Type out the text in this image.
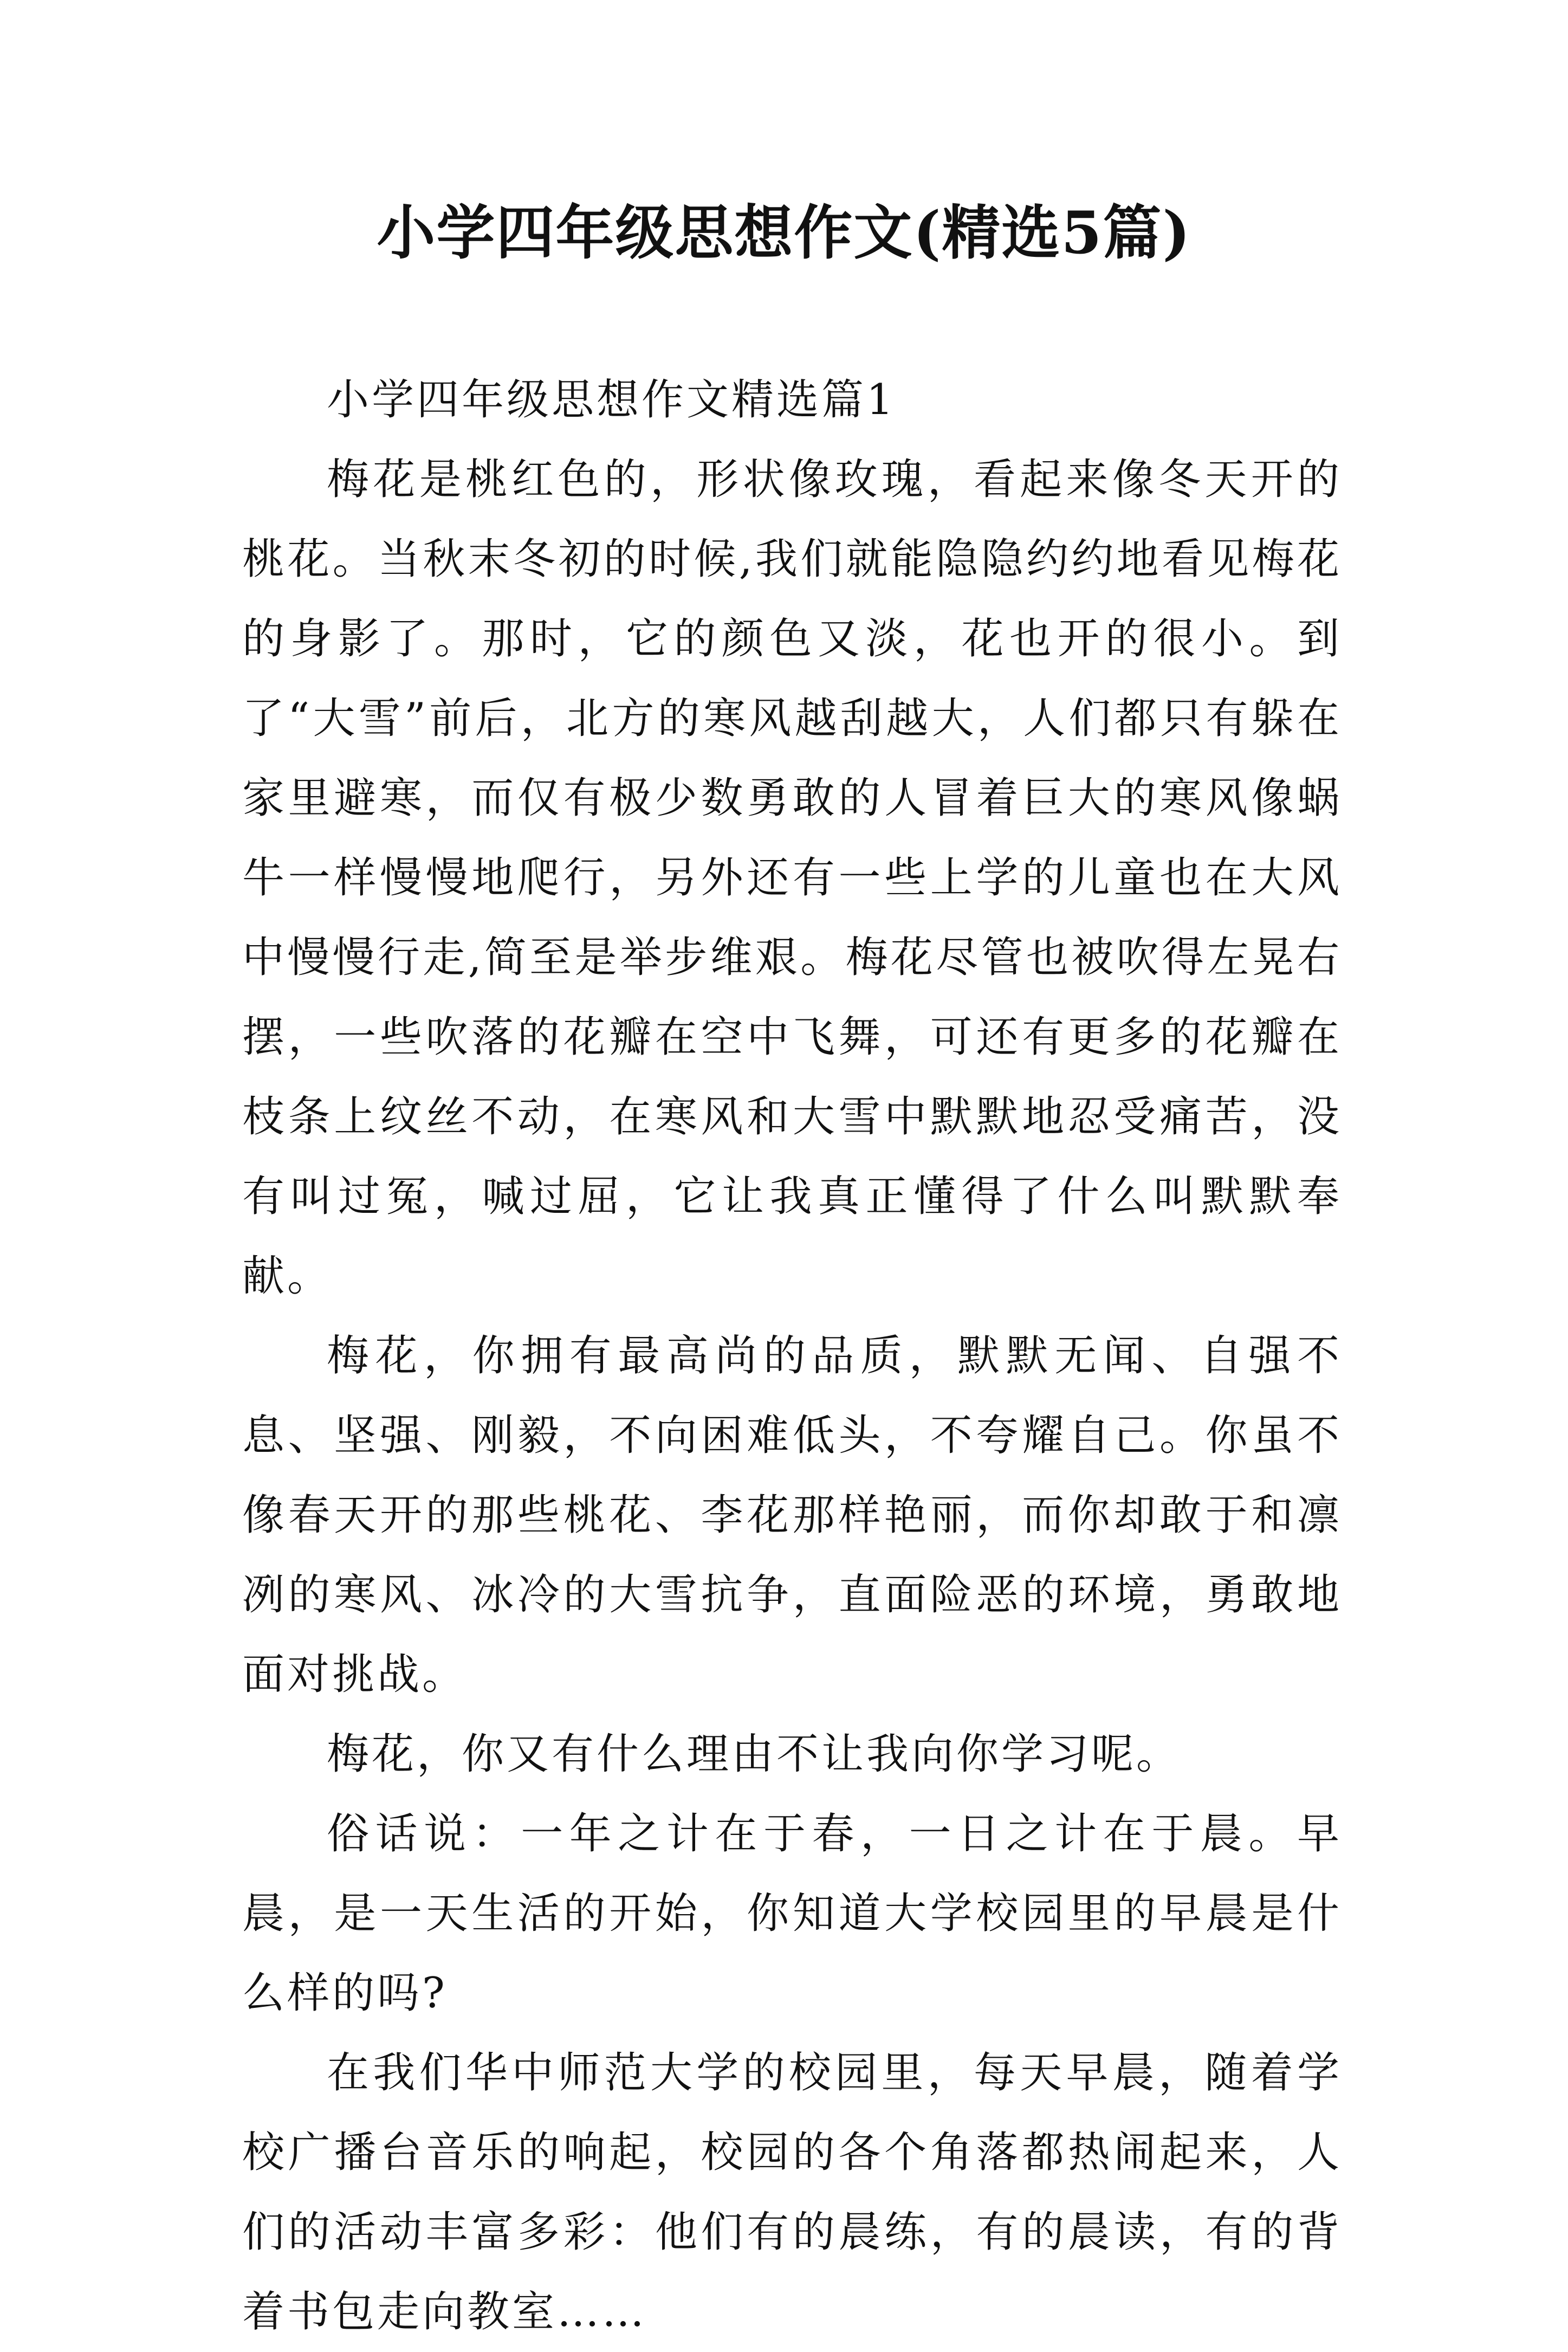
小学四年级思想作文(精选5篇)

小学四年级思想作文精选篇1

梅花是桃红色的，形状像玫瑰，看起来像冬天开的桃花。当秋末冬初的时候,我们就能隐隐约约地看见梅花的身影了。那时，它的颜色又淡，花也开的很小。到了“大雪”前后，北方的寒风越刮越大，人们都只有躲在家里避寒，而仅有极少数勇敢的人冒着巨大的寒风像蜗牛一样慢慢地爬行，另外还有一些上学的儿童也在大风中慢慢行走,简至是举步维艰。梅花尽管也被吹得左晃右摆，一些吹落的花瓣在空中飞舞，可还有更多的花瓣在枝条上纹丝不动，在寒风和大雪中默默地忍受痛苦，没有叫过冤，喊过屈，它让我真正懂得了什么叫默默奉献。

梅花，你拥有最高尚的品质，默默无闻、自强不息、坚强、刚毅，不向困难低头，不夸耀自己。你虽不像春天开的那些桃花、李花那样艳丽，而你却敢于和凛冽的寒风、冰冷的大雪抗争，直面险恶的环境，勇敢地面对挑战。

梅花，你又有什么理由不让我向你学习呢。

俗话说：一年之计在于春，一日之计在于晨。早晨，是一天生活的开始，你知道大学校园里的早晨是什么样的吗?

在我们华中师范大学的校园里，每天早晨，随着学校广播台音乐的响起，校园的各个角落都热闹起来，人们的活动丰富多彩：他们有的晨练，有的晨读，有的背着书包走向教室……
